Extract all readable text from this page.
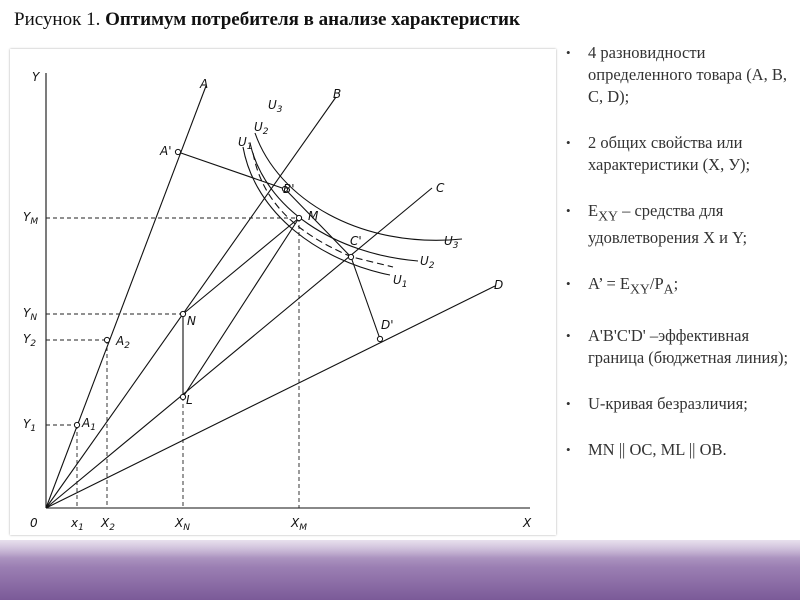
Рисунок 1. Оптимум потребителя в анализе характеристик
Y
X
0
A
B
C
D
A'
B'
C'
D'
M
N
L
$A_2$
$A_1$
$U_3$
$U_2$
$U_1$
$U_3$
$U_2$
$U_1$
$Y_M$
$Y_N$
$Y_2$
$Y_1$
$x_1$ $X_2$	$X_N$	$X_M$
• 4 разновидности определенного товара (A, B, C, D);
• 2 общих свойства или характеристики (X, У);
• $E_{XY}$ – средства для удовлетворения X и Y;
• A’ = $E_{XY}/P_A$;
• A'B'C'D' –эффективная граница (бюджетная линия);
• U-кривая безразличия;
• MN || OC, ML || OB.
